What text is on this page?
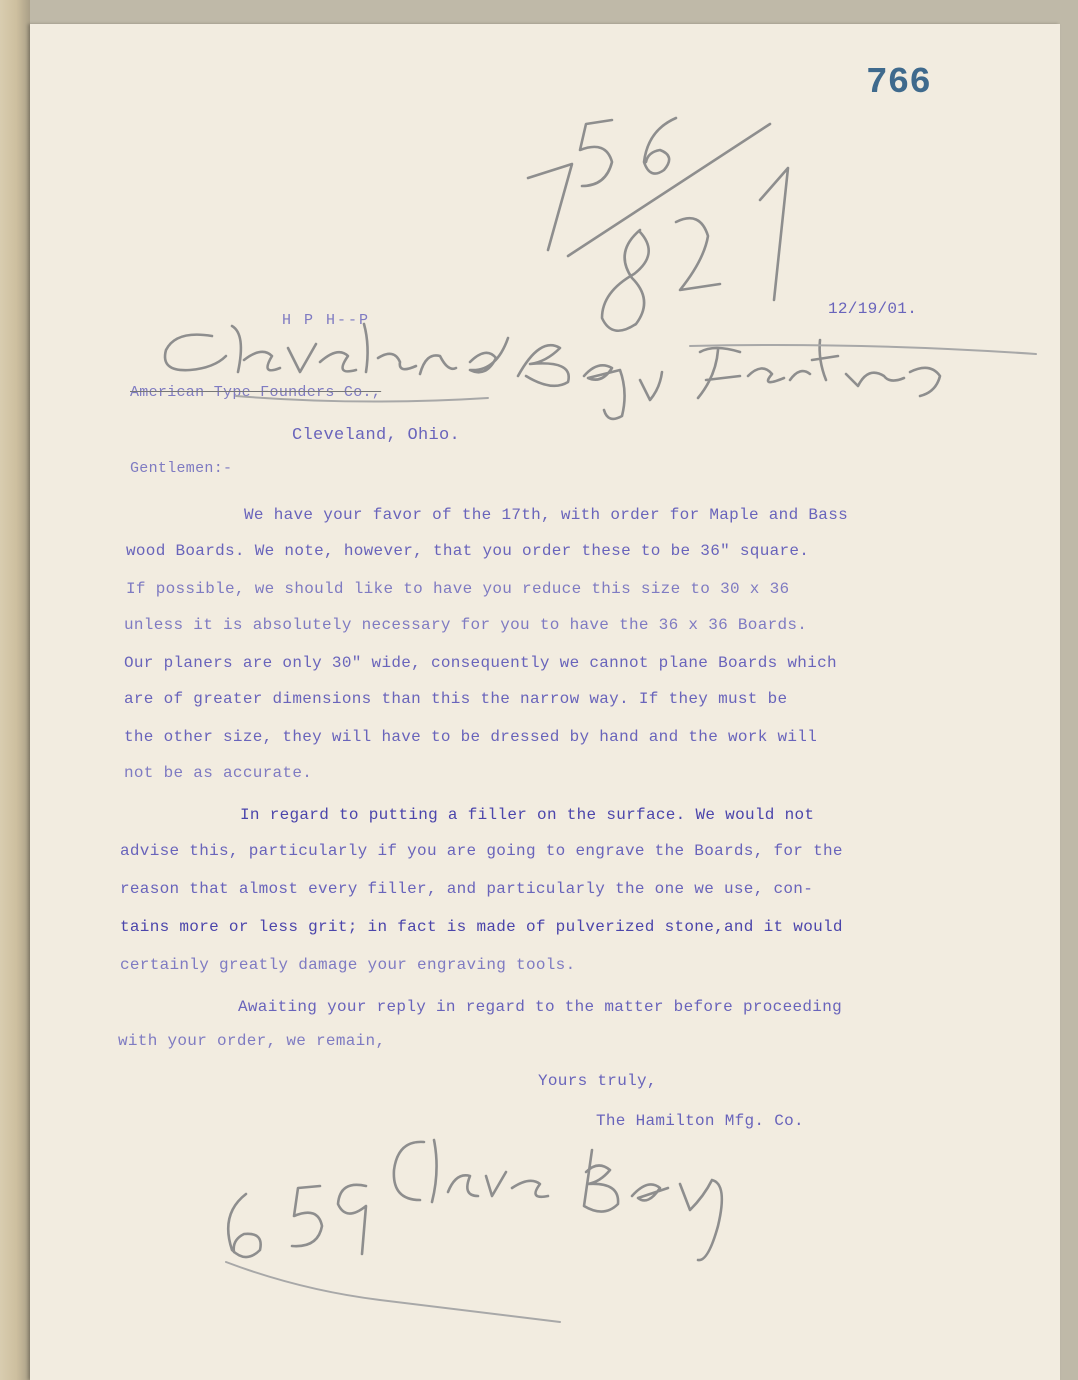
766
H P H--P
12/19/01.
American Type Founders Co.,
Cleveland, Ohio.
Gentlemen:-
We have your favor of the 17th, with order for Maple and Bass
wood Boards. We note, however, that you order these to be 36" square.
If possible, we should like to have you reduce this size to 30 x 36
unless it is absolutely necessary for you to have the 36 x 36 Boards.
Our planers are only 30" wide, consequently we cannot plane Boards which
are of greater dimensions than this the narrow way. If they must be
the other size, they will have to be dressed by hand and the work will
not be as accurate.
In regard to putting a filler on the surface. We would not
advise this, particularly if you are going to engrave the Boards, for the
reason that almost every filler, and particularly the one we use, con-
tains more or less grit; in fact is made of pulverized stone,and it would
certainly greatly damage your engraving tools.
Awaiting your reply in regard to the matter before proceeding
with your order, we remain,
Yours truly,
The Hamilton Mfg. Co.
